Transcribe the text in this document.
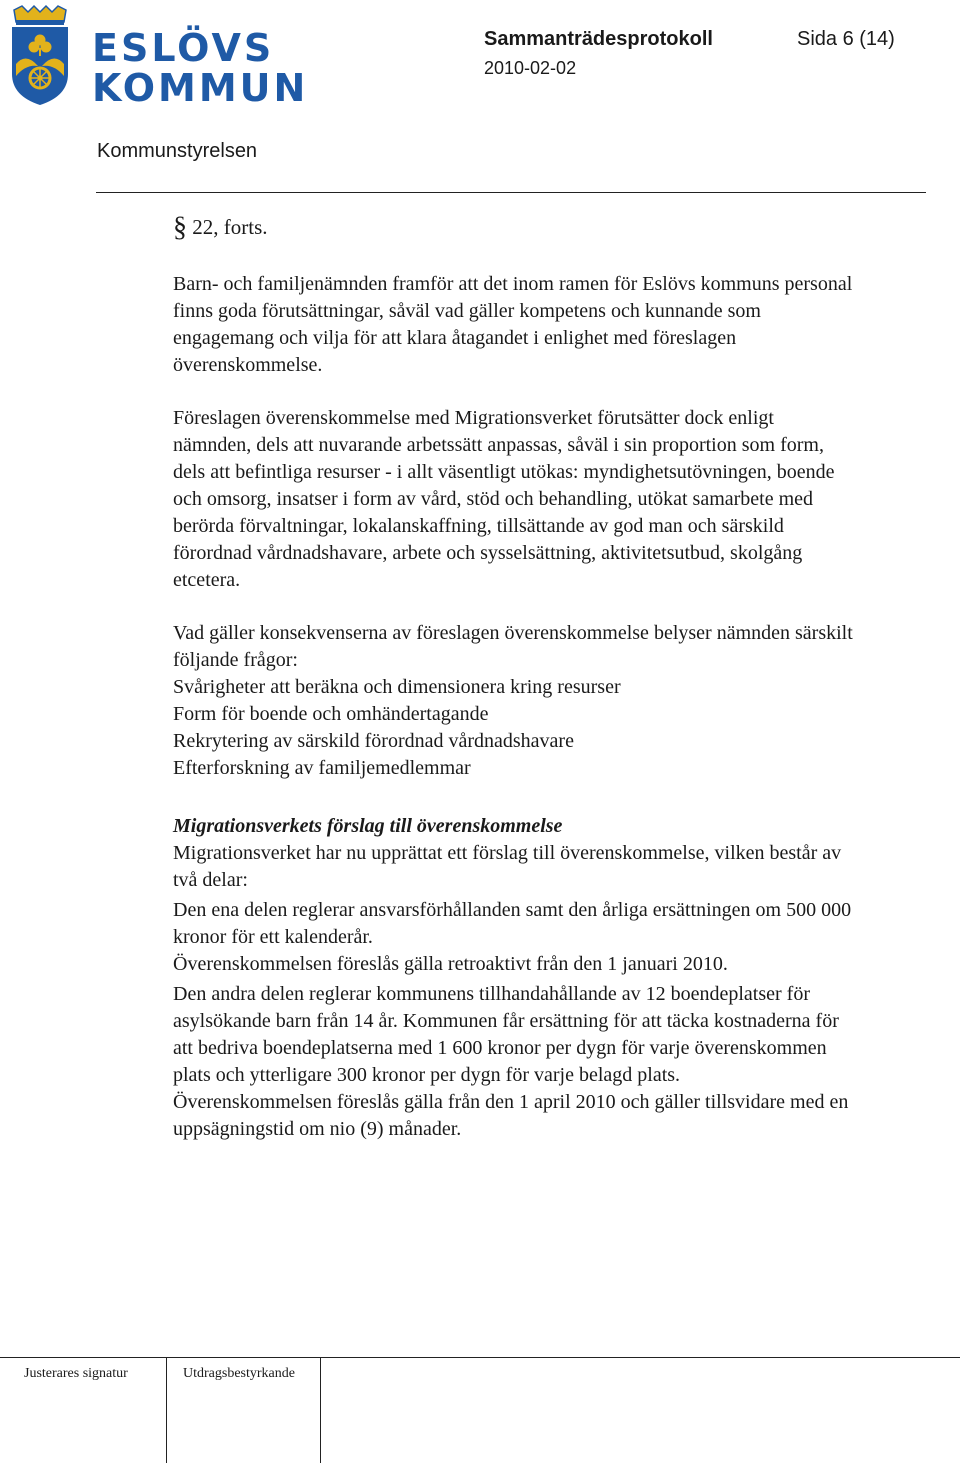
ESLÖVS
KOMMUN
Sammanträdesprotokoll	Sida 6 (14)
2010-02-02
Kommunstyrelsen

§ 22, forts.

Barn- och familjenämnden framför att det inom ramen för Eslövs kommuns personal finns goda förutsättningar, såväl vad gäller kompetens och kunnande som engagemang och vilja för att klara åtagandet i enlighet med föreslagen överenskommelse.

Föreslagen överenskommelse med Migrationsverket förutsätter dock enligt nämnden, dels att nuvarande arbetssätt anpassas, såväl i sin proportion som form, dels att befintliga resurser - i allt väsentligt utökas: myndighetsutövningen, boende och omsorg, insatser i form av vård, stöd och behandling, utökat samarbete med berörda förvaltningar, lokalanskaffning, tillsättande av god man och särskild förordnad vårdnadshavare, arbete och sysselsättning, aktivitetsutbud, skolgång etcetera.

Vad gäller konsekvenserna av föreslagen överenskommelse belyser nämnden särskilt följande frågor:

Svårigheter att beräkna och dimensionera kring resurser

Form för boende och omhändertagande

Rekrytering av särskild förordnad vårdnadshavare

Efterforskning av familjemedlemmar

Migrationsverkets förslag till överenskommelse

Migrationsverket har nu upprättat ett förslag till överenskommelse, vilken består av två delar:

Den ena delen reglerar ansvarsförhållanden samt den årliga ersättningen om 500 000 kronor för ett kalenderår.

Överenskommelsen föreslås gälla retroaktivt från den 1 januari 2010.

Den andra delen reglerar kommunens tillhandahållande av 12 boendeplatser för asylsökande barn från 14 år. Kommunen får ersättning för att täcka kostnaderna för att bedriva boendeplatserna med 1 600 kronor per dygn för varje överenskommen plats och ytterligare 300 kronor per dygn för varje belagd plats.

Överenskommelsen föreslås gälla från den 1 april 2010 och gäller tillsvidare med en uppsägningstid om nio (9) månader.

Justerares signatur	Utdragsbestyrkande
